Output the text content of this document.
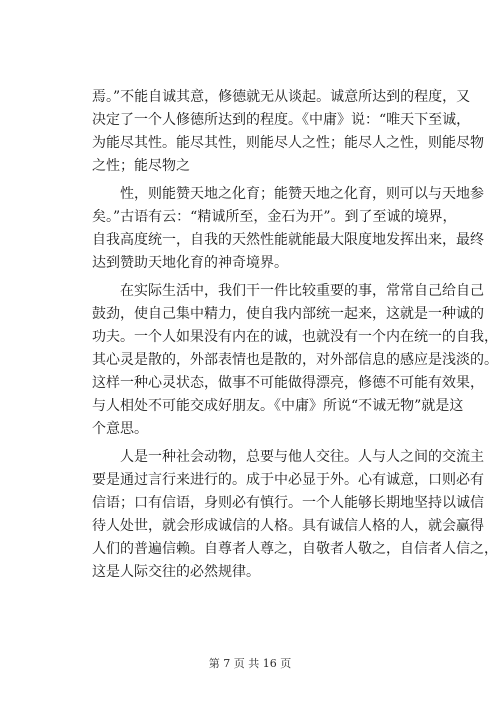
焉。”不能自诚其意，修德就无从谈起。诚意所达到的程度，又
决定了一个人修德所达到的程度。《中庸》说：“唯天下至诚，
为能尽其性。能尽其性，则能尽人之性；能尽人之性，则能尽物
之性；能尽物之

性，则能赞天地之化育；能赞天地之化育，则可以与天地参
矣。”古语有云：“精诚所至，金石为开”。到了至诚的境界，
自我高度统一，自我的天然性能就能最大限度地发挥出来，最终
达到赞助天地化育的神奇境界。

在实际生活中，我们干一件比较重要的事，常常自己给自己
鼓劲，使自己集中精力，使自我内部统一起来，这就是一种诚的
功夫。一个人如果没有内在的诚，也就没有一个内在统一的自我，
其心灵是散的，外部表情也是散的，对外部信息的感应是浅淡的。
这样一种心灵状态，做事不可能做得漂亮，修德不可能有效果，
与人相处不可能交成好朋友。《中庸》所说“不诚无物”就是这
个意思。

人是一种社会动物，总要与他人交往。人与人之间的交流主
要是通过言行来进行的。成于中必显于外。心有诚意，口则必有
信语；口有信语，身则必有慎行。一个人能够长期地坚持以诚信
待人处世，就会形成诚信的人格。具有诚信人格的人，就会赢得
人们的普遍信赖。自尊者人尊之，自敬者人敬之，自信者人信之，
这是人际交往的必然规律。

第 7 页 共 16 页
